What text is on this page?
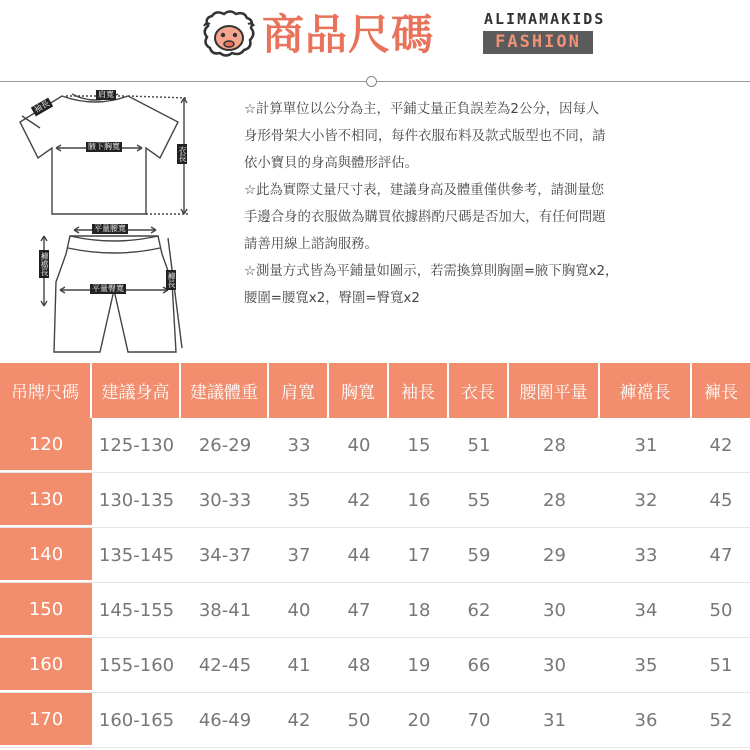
商品尺碼	ALIMAMAKIDS
FASHION
肩寬
袖長
腋下胸寬	衣長
平量腰寬
褲襠長
平量臀寬
褲長

☆計算單位以公分為主，平鋪丈量正負誤差為2公分，因每人

身形骨架大小皆不相同，每件衣服布料及款式版型也不同，請

依小寶貝的身高與體形評估。

☆此為實際丈量尺寸表，建議身高及體重僅供參考，請測量您

手邊合身的衣服做為購買依據斟酌尺碼是否加大，有任何問題

請善用線上諮詢服務。

☆測量方式皆為平鋪量如圖示，若需換算則胸圍=腋下胸寬x2，

腰圍=腰寬x2，臀圍=臀寬x2

吊牌尺碼	建議身高	建議體重	肩寬	胸寬	袖長	衣長	腰圍平量	褲襠長	褲長
120	125-130	26-29	33	40	15	51	28	31	42
130	130-135	30-33	35	42	16	55	28	32	45
140	135-145	34-37	37	44	17	59	29	33	47
150	145-155	38-41	40	47	18	62	30	34	50
160	155-160	42-45	41	48	19	66	30	35	51
170	160-165	46-49	42	50	20	70	31	36	52
